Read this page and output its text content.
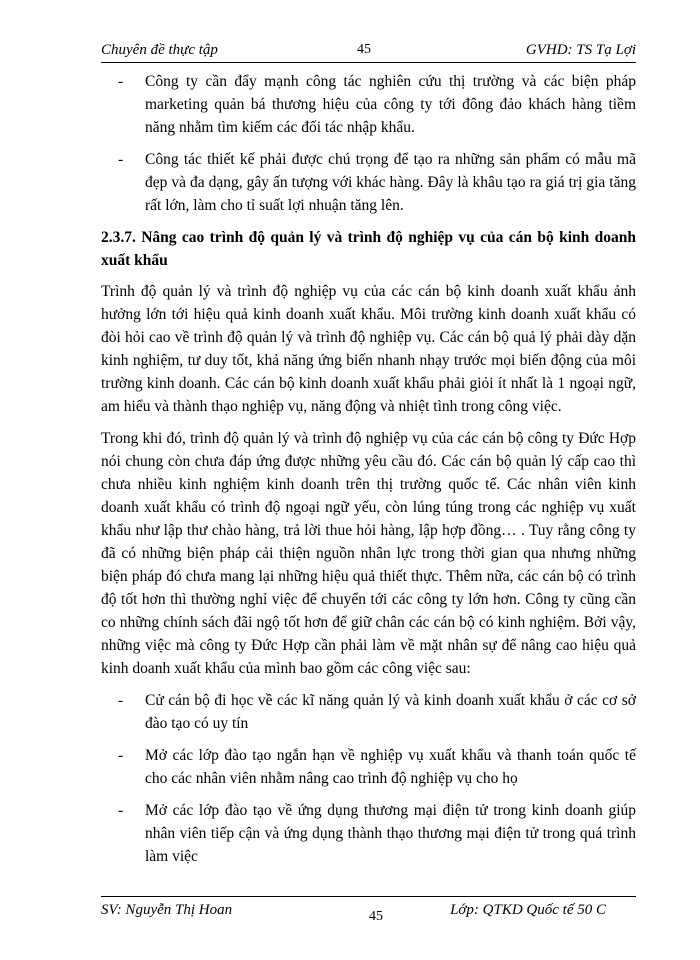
Chuyên đề thực tập	45	GVHD: TS Tạ Lợi
- Công ty cần đẩy mạnh công tác nghiên cứu thị trường và các biện pháp marketing quản bá thương hiệu của công ty tới đông đảo khách hàng tiềm năng nhằm tìm kiếm các đối tác nhập khẩu.
- Công tác thiết kế phải được chú trọng để tạo ra những sản phẩm có mẫu mã đẹp và đa dạng, gây ấn tượng với khác hàng. Đây là khâu tạo ra giá trị gia tăng rất lớn, làm cho tỉ suất lợi nhuận tăng lên.
2.3.7. Nâng cao trình độ quản lý và trình độ nghiệp vụ của cán bộ kinh doanh xuất khẩu
Trình độ quản lý và trình độ nghiệp vụ của các cán bộ kinh doanh xuất khẩu ảnh hưởng lớn tới hiệu quả kinh doanh xuất khẩu. Môi trường kinh doanh xuất khẩu có đòi hỏi cao về trình độ quản lý và trình độ nghiệp vụ. Các cán bộ quả lý phải dày dặn kinh nghiệm, tư duy tốt, khả năng ứng biến nhanh nhạy trước mọi biến động của môi trường kinh doanh. Các cán bộ kinh doanh xuất khẩu phải giỏi ít nhất là 1 ngoại ngữ, am hiểu và thành thạo nghiệp vụ, năng động và nhiệt tình trong công việc.
Trong khi đó, trình độ quản lý và trình độ nghiệp vụ của các cán bộ công ty Đức Hợp nói chung còn chưa đáp ứng được những yêu cầu đó. Các cán bộ quản lý cấp cao thì chưa nhiều kinh nghiệm kinh doanh trên thị trường quốc tế. Các nhân viên kinh doanh xuất khẩu có trình độ ngoại ngữ yếu, còn lúng túng trong các nghiệp vụ xuất khẩu như lập thư chào hàng, trả lời thue hỏi hàng, lập hợp đồng… . Tuy rằng công ty đã có những biện pháp cải thiện nguồn nhân lực trong thời gian qua nhưng những biện pháp đó chưa mang lại những hiệu quả thiết thực. Thêm nữa, các cán bộ có trình độ tốt hơn thì thường nghỉ việc để chuyển tới các công ty lớn hơn. Công ty cũng cần co những chính sách đãi ngộ tốt hơn để giữ chân các cán bộ có kinh nghiệm. Bởi vậy, những việc mà công ty Đức Hợp cần phải làm về mặt nhân sự để nâng cao hiệu quả kinh doanh xuất khẩu của mình bao gồm các công việc sau:
- Cử cán bộ đi học về các kĩ năng quản lý và kinh doanh xuất khẩu ở các cơ sở đào tạo có uy tín
- Mở các lớp đào tạo ngắn hạn về nghiệp vụ xuất khẩu và thanh toán quốc tế cho các nhân viên nhằm nâng cao trình độ nghiệp vụ cho họ
- Mở các lớp đào tạo về ứng dụng thương mại điện tử trong kinh doanh giúp nhân viên tiếp cận và ứng dụng thành thạo thương mại điện tử trong quá trình làm việc
SV: Nguyễn Thị Hoan	45	Lớp: QTKD Quốc tế 50 C
